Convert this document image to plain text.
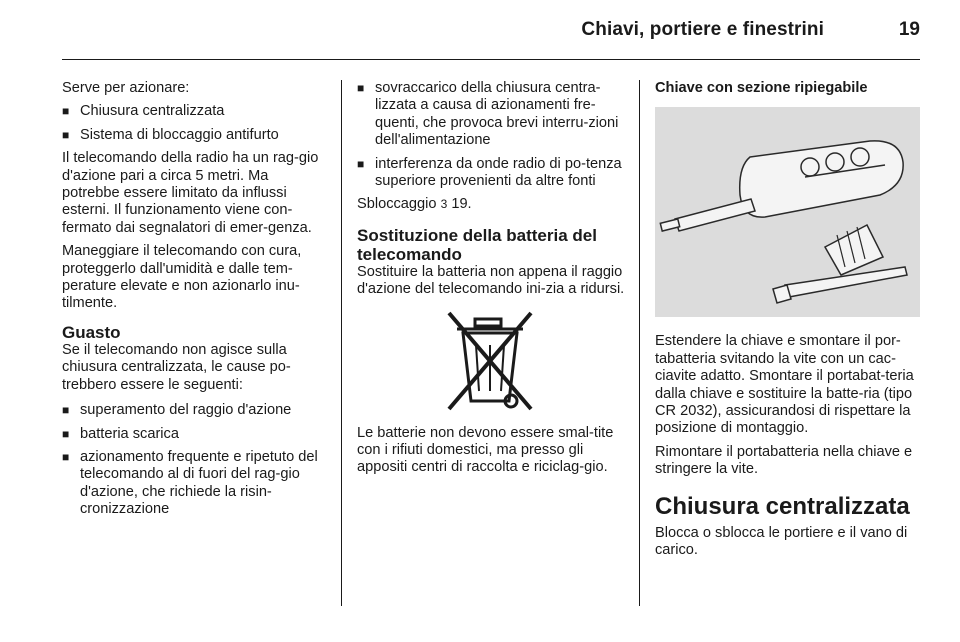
Chiavi, portiere e finestrini	19

Serve per azionare:

■ Chiusura centralizzata
■ Sistema di bloccaggio antifurto

Il telecomando della radio ha un rag-gio d'azione pari a circa 5 metri. Ma potrebbe essere limitato da influssi esterni. Il funzionamento viene con-fermato dai segnalatori di emer-genza.

Maneggiare il telecomando con cura, proteggerlo dall'umidità e dalle tem-perature elevate e non azionarlo inu-tilmente.

Guasto

Se il telecomando non agisce sulla chiusura centralizzata, le cause po-trebbero essere le seguenti:

■ superamento del raggio d'azione
■ batteria scarica
■ azionamento frequente e ripetuto del telecomando al di fuori del rag-gio d'azione, che richiede la risin-cronizzazione
■ sovraccarico della chiusura centra-lizzata a causa di azionamenti fre-quenti, che provoca brevi interru-zioni dell'alimentazione
■ interferenza da onde radio di po-tenza superiore provenienti da altre fonti

Sbloccaggio 3 19.

Sostituzione della batteria del telecomando

Sostituire la batteria non appena il raggio d'azione del telecomando ini-zia a ridursi.

Le batterie non devono essere smal-tite con i rifiuti domestici, ma presso gli appositi centri di raccolta e riciclag-gio.

Chiave con sezione ripiegabile

Estendere la chiave e smontare il por-tabatteria svitando la vite con un cac-ciavite adatto. Smontare il portabat-teria dalla chiave e sostituire la batte-ria (tipo CR 2032), assicurandosi di rispettare la posizione di montaggio.

Rimontare il portabatteria nella chiave e stringere la vite.

Chiusura centralizzata

Blocca o sblocca le portiere e il vano di carico.
